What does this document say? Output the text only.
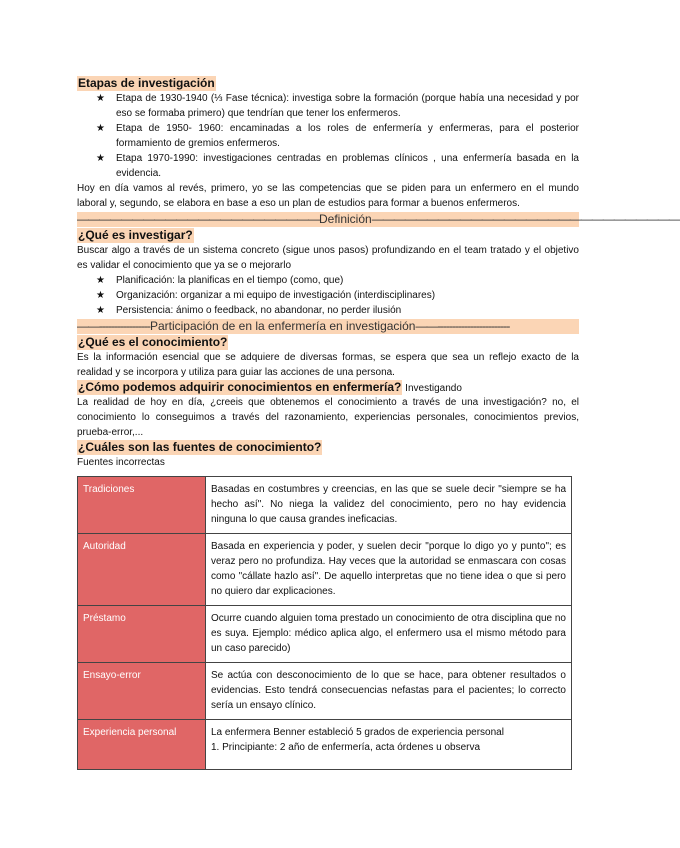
Etapas de investigación
★ Etapa de 1930-1940 (⅓ Fase técnica): investiga sobre la formación (porque había una necesidad y por eso se formaba primero) que tendrían que tener los enfermeros.
★ Etapa de 1950- 1960: encaminadas a los roles de enfermería y enfermeras, para el posterior formamiento de gremios enfermeros.
★ Etapa 1970-1990: investigaciones centradas en problemas clínicos , una enfermería basada en la evidencia.

Hoy en día vamos al revés, primero, yo se las competencias que se piden para un enfermero en el mundo laboral y, segundo, se elabora en base a eso un plan de estudios para formar a buenos enfermeros.

——————————————————————Definición————————————————————————————
¿Qué es investigar?

Buscar algo a través de un sistema concreto (sigue unos pasos) profundizando en el team tratado y el objetivo es validar el conocimiento que ya se o mejorarlo

★ Planificación: la planificas en el tiempo (como, que)
★ Organización: organizar a mi equipo de investigación (interdisciplinares)
★ Persistencia: ánimo o feedback, no abandonar, no perder ilusión
——-----------------Participación de en la enfermería en investigación——------------------------
¿Qué es el conocimiento?

Es la información esencial que se adquiere de diversas formas, se espera que sea un reflejo exacto de la realidad y se incorpora y utiliza para guiar las acciones de una persona.

¿Cómo podemos adquirir conocimientos en enfermería? Investigando

La realidad de hoy en día, ¿creeis que obtenemos el conocimiento a través de una investigación? no, el conocimiento lo conseguimos a través del razonamiento, experiencias personales, conocimientos previos, prueba-error,...

¿Cuáles son las fuentes de conocimiento?
Fuentes incorrectas
Tradiciones	Basadas en costumbres y creencias, en las que se suele decir "siempre se ha hecho así". No niega la validez del conocimiento, pero no hay evidencia ninguna lo que causa grandes ineficacias.
Autoridad	Basada en experiencia y poder, y suelen decir "porque lo digo yo y punto"; es veraz pero no profundiza. Hay veces que la autoridad se enmascara con cosas como "cállate hazlo así". De aquello interpretas que no tiene idea o que si pero no quiero dar explicaciones.
Préstamo	Ocurre cuando alguien toma prestado un conocimiento de otra disciplina que no es suya. Ejemplo: médico aplica algo, el enfermero usa el mismo método para un caso parecido)
Ensayo-error	Se actúa con desconocimiento de lo que se hace, para obtener resultados o evidencias. Esto tendrá consecuencias nefastas para el pacientes; lo correcto sería un ensayo clínico.
Experiencia personal	La enfermera Benner estableció 5 grados de experiencia personal
1. Principiante: 2 año de enfermería, acta órdenes u observa
